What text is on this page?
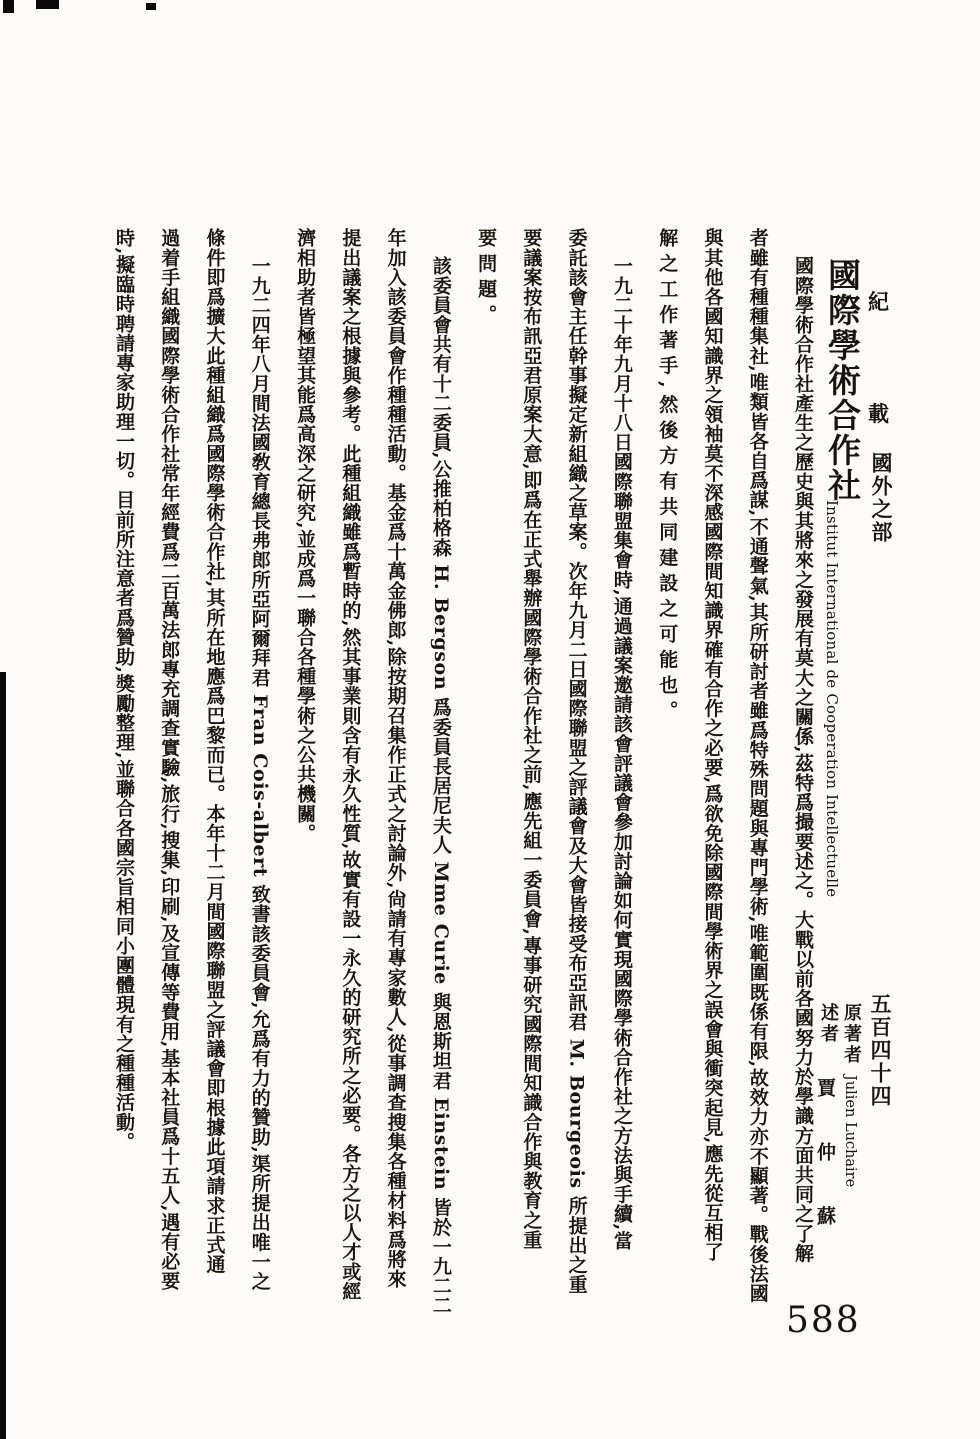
紀
載
國外之部
五百四十四
國際學術合作社
Institut International de Cooperation Intellectuelle
原著者
Julien Luchaire
述者
賈仲蘇
國際學術合作社產生之歷史與其將來之發展有莫大之關係,茲特爲撮要述之。大戰以前各國努力於學識方面共同之了解
者雖有種種集社,唯類皆各自爲謀,不通聲氣,其所研討者雖爲特殊問題與專門學術,唯範圍既係有限,故效力亦不顯著。戰後法國
與其他各國知識界之領袖莫不深感國際間知識界確有合作之必要,爲欲免除國際間學術界之誤會與衝突起見,應先從互相了
解之工作著手,然後方有共同建設之可能也。
一九二十年九月十八日國際聯盟集會時,通過議案邀請該會評議會參加討論如何實現國際學術合作社之方法與手續,當
委託該會主任幹事擬定新組織之草案。次年九月二日國際聯盟之評議會及大會皆接受布亞訊君 M. Bourgeois 所提出之重
要議案按布訊亞君原案大意,即爲在正式舉辦國際學術合作社之前,應先組一委員會,專事研究國際間知識合作與教育之重
要問題。
該委員會共有十二委員,公推柏格森 H. Bergson 爲委員長居尼夫人 Mme Curie 與恩斯坦君 Einstein 皆於一九二二
年加入該委員會作種種活動。基金爲十萬金佛郎,除按期召集作正式之討論外,尙請有專家數人,從事調查搜集各種材料爲將來
提出議案之根據與參考。此種組織雖爲暫時的,然其事業則含有永久性質,故實有設一永久的研究所之必要。各方之以人才或經
濟相助者皆極望其能爲高深之研究,並成爲一聯合各種學術之公共機關。
一九二四年八月間法國敎育總長弗郎所亞阿爾拜君 Fran Cois-albert 致書該委員會,允爲有力的贊助,渠所提出唯一之
條件即爲擴大此種組織爲國際學術合作社,其所在地應爲巴黎而已。本年十二月間國際聯盟之評議會即根據此項請求正式通
過着手組織國際學術合作社常年經費爲二百萬法郎專充調查實驗,旅行,搜集,印刷,及宣傳等費用,基本社員爲十五人,遇有必要
時,擬臨時聘請專家助理一切。目前所注意者爲贊助,獎勵整理,並聯合各國宗旨相同小團體現有之種種活動。
588
